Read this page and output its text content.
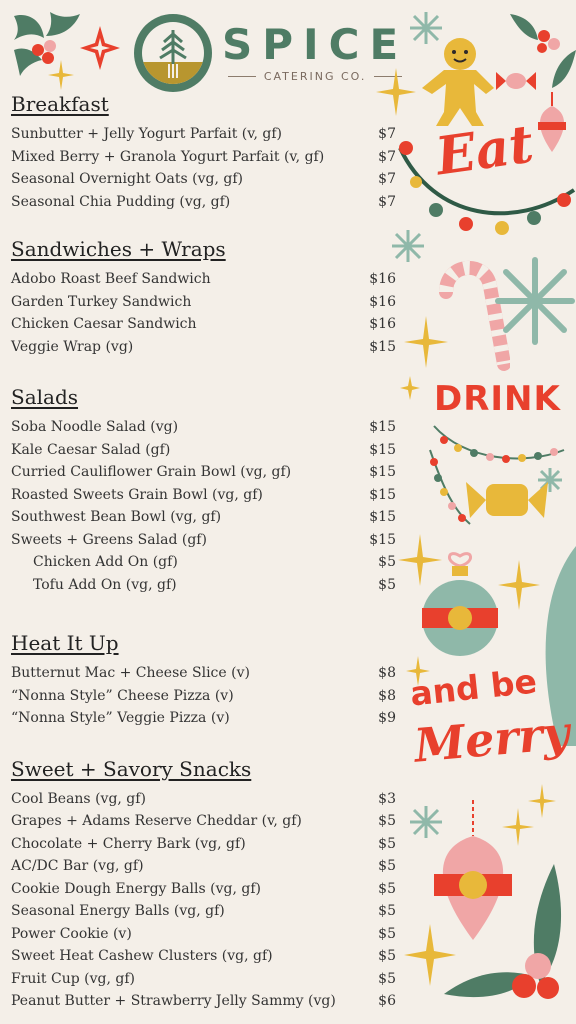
SPICE
CATERING CO.
Breakfast
Sunbutter + Jelly Yogurt Parfait (v, gf)	$7
Mixed Berry + Granola Yogurt Parfait (v, gf)	$7
Seasonal Overnight Oats (vg, gf)	$7
Seasonal Chia Pudding (vg, gf)	$7
Sandwiches + Wraps
Adobo Roast Beef Sandwich	$16
Garden Turkey Sandwich	$16
Chicken Caesar Sandwich	$16
Veggie Wrap (vg)	$15
Salads
Soba Noodle Salad (vg)	$15
Kale Caesar Salad (gf)	$15
Curried Cauliflower Grain Bowl (vg, gf)	$15
Roasted Sweets Grain Bowl (vg, gf)	$15
Southwest Bean Bowl (vg, gf)	$15
Sweets + Greens Salad (gf)	$15
Chicken Add On (gf)	$5
Tofu Add On (vg, gf)	$5
Heat It Up
Butternut Mac + Cheese Slice (v)	$8
“Nonna Style” Cheese Pizza (v)	$8
“Nonna Style” Veggie Pizza (v)	$9
Sweet + Savory Snacks
Cool Beans (vg, gf)	$3
Grapes + Adams Reserve Cheddar (v, gf)	$5
Chocolate + Cherry Bark (vg, gf)	$5
AC/DC Bar (vg, gf)	$5
Cookie Dough Energy Balls (vg, gf)	$5
Seasonal Energy Balls (vg, gf)	$5
Power Cookie (v)	$5
Sweet Heat Cashew Clusters (vg, gf)	$5
Fruit Cup (vg, gf)	$5
Peanut Butter + Strawberry Jelly Sammy (vg)	$6
Eat
DRINK
and be
Merry
